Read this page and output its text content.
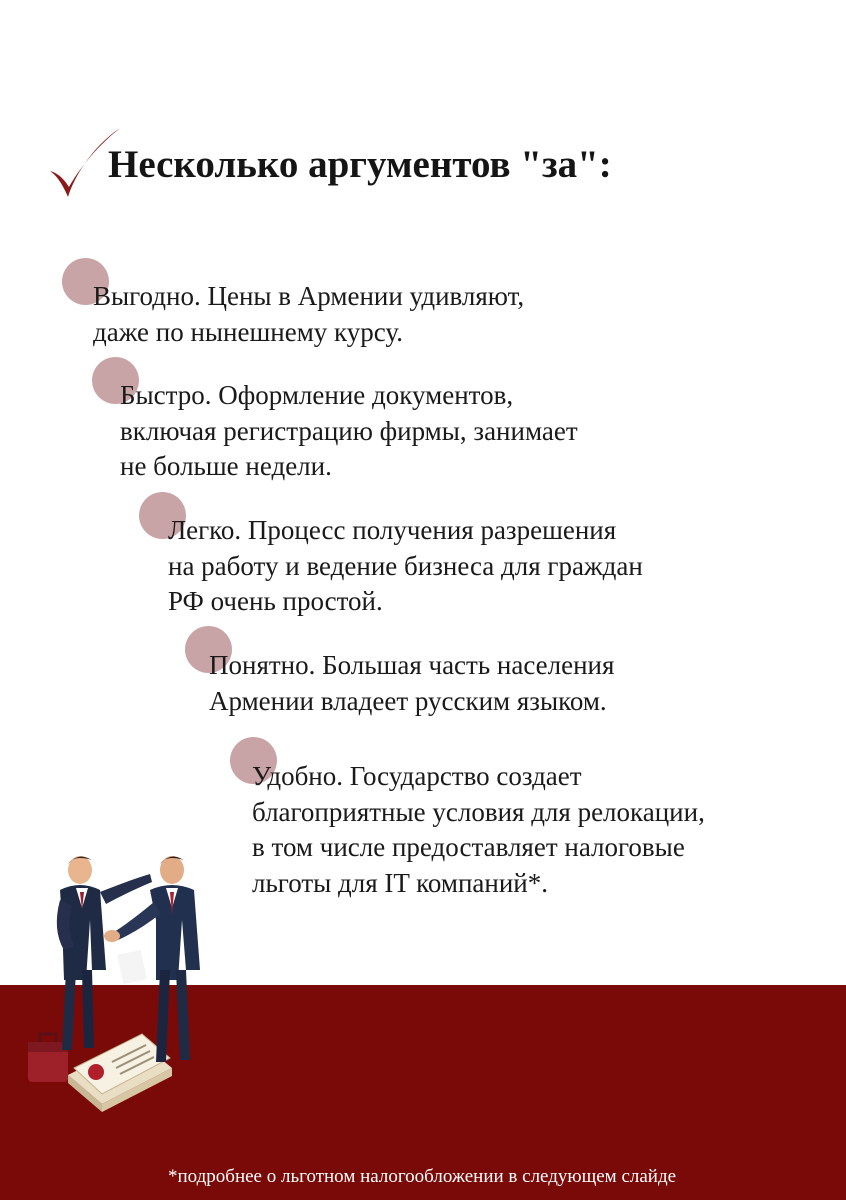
Несколько аргументов "за":
Выгодно. Цены в Армении удивляют,
даже по нынешнему курсу.
Быстро. Оформление документов,
включая регистрацию фирмы, занимает
не больше недели.
Легко. Процесс получения разрешения
на работу и ведение бизнеса для граждан
РФ очень простой.
Понятно. Большая часть населения
Армении владеет русским языком.
Удобно. Государство создает
благоприятные условия для релокации,
в том числе предоставляет налоговые
льготы для IT компаний*.
*подробнее о льготном налогообложении в следующем слайде
